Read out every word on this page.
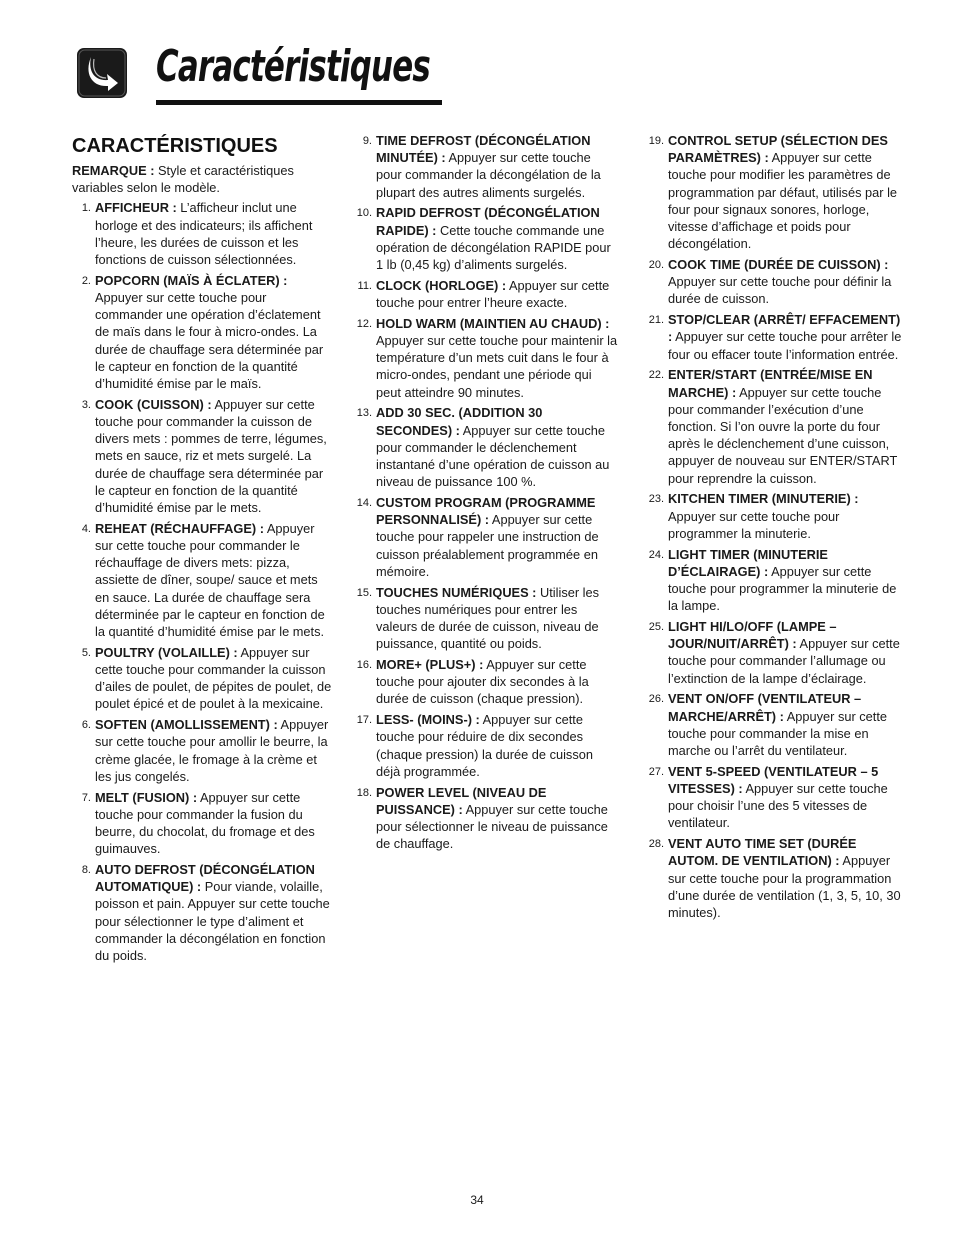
Caractéristiques
CARACTÉRISTIQUES

REMARQUE : Style et caractéristiques variables selon le modèle.

1. AFFICHEUR : L’afficheur inclut une horloge et des indicateurs; ils affichent l’heure, les durées de cuisson et les fonctions de cuisson sélectionnées.
2. POPCORN (MAÏS À ÉCLATER) : Appuyer sur cette touche pour commander une opération d’éclatement de maïs dans le four à micro-ondes. La durée de chauffage sera déterminée par le capteur en fonction de la quantité d’humidité émise par le maïs.
3. COOK (CUISSON) : Appuyer sur cette touche pour commander la cuisson de divers mets : pommes de terre, légumes, mets en sauce, riz et mets surgelé. La durée de chauffage sera déterminée par le capteur en fonction de la quantité d’humidité émise par le mets.
4. REHEAT (RÉCHAUFFAGE) : Appuyer sur cette touche pour commander le réchauffage de divers mets: pizza, assiette de dîner, soupe/ sauce et mets en sauce. La durée de chauffage sera déterminée par le capteur en fonction de la quantité d’humidité émise par le mets.
5. POULTRY (VOLAILLE) : Appuyer sur cette touche pour commander la cuisson d’ailes de poulet, de pépites de poulet, de poulet épicé et de poulet à la mexicaine.
6. SOFTEN (AMOLLISSEMENT) : Appuyer sur cette touche pour amollir le beurre, la crème glacée, le fromage à la crème et les jus congelés.
7. MELT (FUSION) : Appuyer sur cette touche pour commander la fusion du beurre, du chocolat, du fromage et des guimauves.
8. AUTO DEFROST (DÉCONGÉLATION AUTOMATIQUE) : Pour viande, volaille, poisson et pain. Appuyer sur cette touche pour sélectionner le type d’aliment et commander la décongélation en fonction du poids.
9. TIME DEFROST (DÉCONGÉLATION MINUTÉE) : Appuyer sur cette touche pour commander la décongélation de la plupart des autres aliments surgelés.
10. RAPID DEFROST (DÉCONGÉLATION RAPIDE) : Cette touche commande une opération de décongélation RAPIDE pour 1 lb (0,45 kg) d’aliments surgelés.
11. CLOCK (HORLOGE) : Appuyer sur cette touche pour entrer l’heure exacte.
12. HOLD WARM (MAINTIEN AU CHAUD) : Appuyer sur cette touche pour maintenir la température d’un mets cuit dans le four à micro-ondes, pendant une période qui peut atteindre 90 minutes.
13. ADD 30 SEC. (ADDITION 30 SECONDES) : Appuyer sur cette touche pour commander le déclenchement instantané d’une opération de cuisson au niveau de puissance 100 %.
14. CUSTOM PROGRAM (PROGRAMME PERSONNALISÉ) : Appuyer sur cette touche pour rappeler une instruction de cuisson préalablement programmée en mémoire.
15. TOUCHES NUMÉRIQUES : Utiliser les touches numériques pour entrer les valeurs de durée de cuisson, niveau de puissance, quantité ou poids.
16. MORE+ (PLUS+) : Appuyer sur cette touche pour ajouter dix secondes à la durée de cuisson (chaque pression).
17. LESS- (MOINS-) : Appuyer sur cette touche pour réduire de dix secondes (chaque pression) la durée de cuisson déjà programmée.
18. POWER LEVEL (NIVEAU DE PUISSANCE) : Appuyer sur cette touche pour sélectionner le niveau de puissance de chauffage.
19. CONTROL SETUP (SÉLECTION DES PARAMÈTRES) : Appuyer sur cette touche pour modifier les paramètres de programmation par défaut, utilisés par le four pour signaux sonores, horloge, vitesse d’affichage et poids pour décongélation.
20. COOK TIME (DURÉE DE CUISSON) : Appuyer sur cette touche pour définir la durée de cuisson.
21. STOP/CLEAR (ARRÊT/ EFFACEMENT) : Appuyer sur cette touche pour arrêter le four ou effacer toute l’information entrée.
22. ENTER/START (ENTRÉE/MISE EN MARCHE) : Appuyer sur cette touche pour commander l’exécution d’une fonction. Si l’on ouvre la porte du four après le déclenchement d’une cuisson, appuyer de nouveau sur ENTER/START pour reprendre la cuisson.
23. KITCHEN TIMER (MINUTERIE) : Appuyer sur cette touche pour programmer la minuterie.
24. LIGHT TIMER (MINUTERIE D’ÉCLAIRAGE) : Appuyer sur cette touche pour programmer la minuterie de la lampe.
25. LIGHT HI/LO/OFF (LAMPE – JOUR/NUIT/ARRÊT) : Appuyer sur cette touche pour commander l’allumage ou l’extinction de la lampe d’éclairage.
26. VENT ON/OFF (VENTILATEUR – MARCHE/ARRÊT) : Appuyer sur cette touche pour commander la mise en marche ou l’arrêt du ventilateur.
27. VENT 5-SPEED (VENTILATEUR – 5 VITESSES) : Appuyer sur cette touche pour choisir l’une des 5 vitesses de ventilateur.
28. VENT AUTO TIME SET (DURÉE AUTOM. DE VENTILATION) : Appuyer sur cette touche pour la programmation d’une durée de ventilation (1, 3, 5, 10, 30 minutes).
34
